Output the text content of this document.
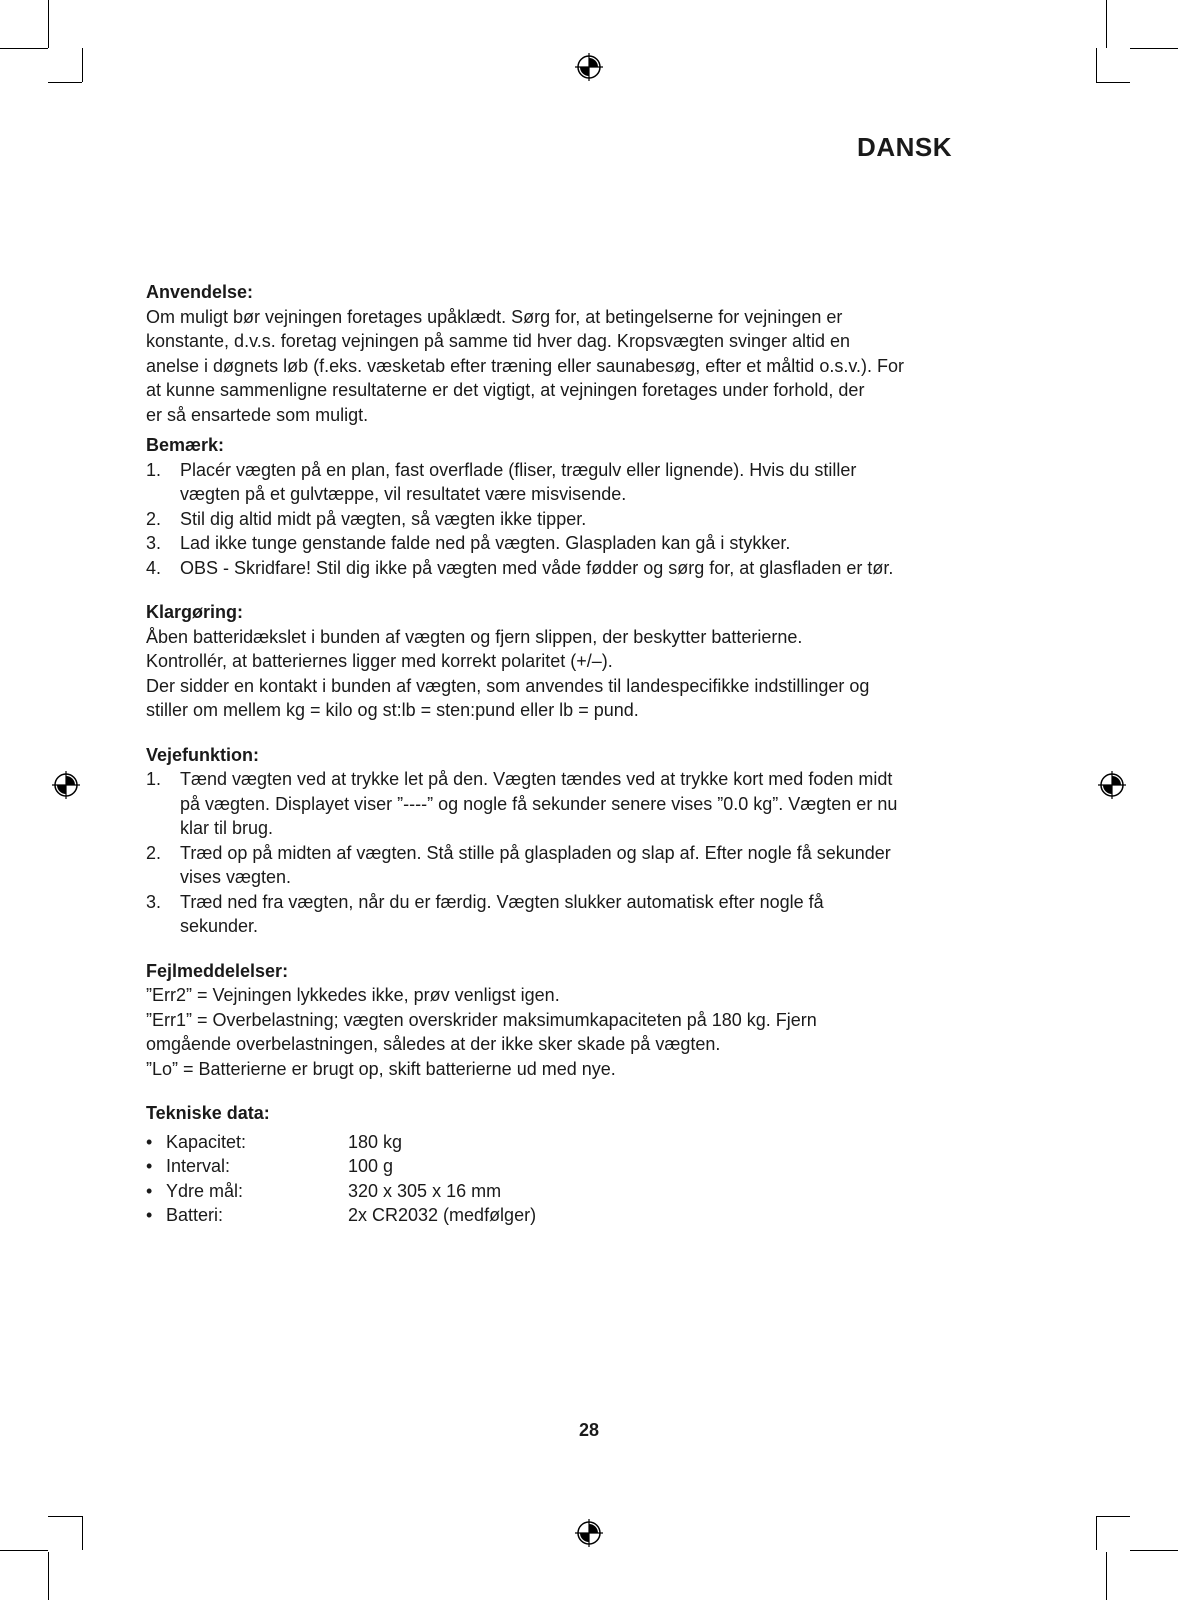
DANSK

Anvendelse:

Om muligt bør vejningen foretages upåklædt. Sørg for, at betingelserne for vejningen er

konstante, d.v.s. foretag vejningen på samme tid hver dag. Kropsvægten svinger altid en

anelse i døgnets løb (f.eks. væsketab efter træning eller saunabesøg, efter et måltid o.s.v.). For

at kunne sammenligne resultaterne er det vigtigt, at vejningen foretages under forhold, der

er så ensartede som muligt.

Bemærk:

1. Placér vægten på en plan, fast overflade (fliser, trægulv eller lignende). Hvis du stiller

vægten på et gulvtæppe, vil resultatet være misvisende.

2. Stil dig altid midt på vægten, så vægten ikke tipper.

3. Lad ikke tunge genstande falde ned på vægten. Glaspladen kan gå i stykker.

4. OBS - Skridfare! Stil dig ikke på vægten med våde fødder og sørg for, at glasfladen er tør.

Klargøring:

Åben batteridækslet i bunden af vægten og fjern slippen, der beskytter batterierne.

Kontrollér, at batteriernes ligger med korrekt polaritet (+/–).

Der sidder en kontakt i bunden af vægten, som anvendes til landespecifikke indstillinger og

stiller om mellem kg = kilo og st:lb = sten:pund eller lb = pund.

Vejefunktion:

1. Tænd vægten ved at trykke let på den. Vægten tændes ved at trykke kort med foden midt

på vægten. Displayet viser ”----” og nogle få sekunder senere vises ”0.0 kg”. Vægten er nu

klar til brug.

2. Træd op på midten af vægten. Stå stille på glaspladen og slap af. Efter nogle få sekunder

vises vægten.

3. Træd ned fra vægten, når du er færdig. Vægten slukker automatisk efter nogle få

sekunder.

Fejlmeddelelser:

”Err2” = Vejningen lykkedes ikke, prøv venligst igen.

”Err1” = Overbelastning; vægten overskrider maksimumkapaciteten på 180 kg. Fjern

omgående overbelastningen, således at der ikke sker skade på vægten.

”Lo” = Batterierne er brugt op, skift batterierne ud med nye.

Tekniske data:

• Kapacitet:	180 kg
• Interval:	100 g
• Ydre mål:	320 x 305 x 16 mm
• Batteri:	2x CR2032 (medfølger)
28
